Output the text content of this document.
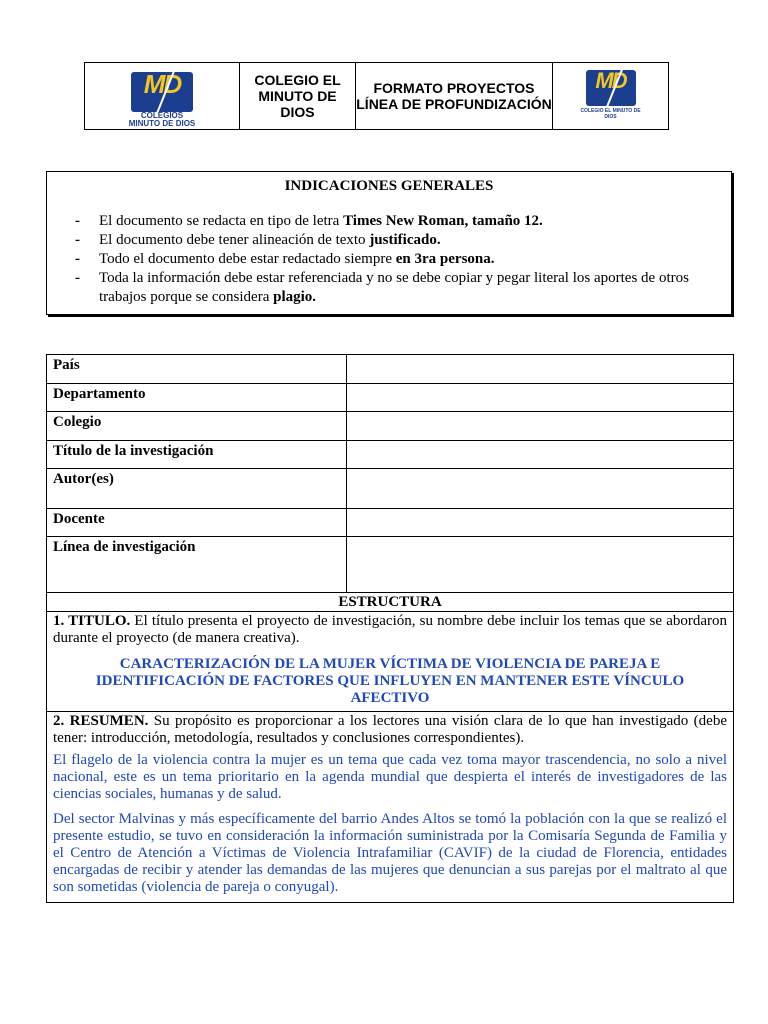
MD
COLEGIOS MINUTO DE DIOS
COLEGIO EL MINUTO DE DIOS
FORMATO PROYECTOS LÍNEA DE PROFUNDIZACIÓN
MD
COLEGIO EL MINUTO DE DIOS
INDICACIONES GENERALES
- El documento se redacta en tipo de letra Times New Roman, tamaño 12.
- El documento debe tener alineación de texto justificado.
- Todo el documento debe estar redactado siempre en 3ra persona.
- Toda la información debe estar referenciada y no se debe copiar y pegar literal los aportes de otros trabajos porque se considera plagio.
País	
Departamento	
Colegio	
Título de la investigación	
Autor(es)	
Docente	
Línea de investigación	
ESTRUCTURA
1. TITULO. El título presenta el proyecto de investigación, su nombre debe incluir los temas que se abordaron durante el proyecto (de manera creativa).
CARACTERIZACIÓN DE LA MUJER VÍCTIMA DE VIOLENCIA DE PAREJA E IDENTIFICACIÓN DE FACTORES QUE INFLUYEN EN MANTENER ESTE VÍNCULO AFECTIVO
2. RESUMEN. Su propósito es proporcionar a los lectores una visión clara de lo que han investigado (debe tener: introducción, metodología, resultados y conclusiones correspondientes).
El flagelo de la violencia contra la mujer es un tema que cada vez toma mayor trascendencia, no solo a nivel nacional, este es un tema prioritario en la agenda mundial que despierta el interés de investigadores de las ciencias sociales, humanas y de salud.
Del sector Malvinas y más específicamente del barrio Andes Altos se tomó la población con la que se realizó el presente estudio, se tuvo en consideración la información suministrada por la Comisaría Segunda de Familia y el Centro de Atención a Víctimas de Violencia Intrafamiliar (CAVIF) de la ciudad de Florencia, entidades encargadas de recibir y atender las demandas de las mujeres que denuncian a sus parejas por el maltrato al que son sometidas (violencia de pareja o conyugal).
